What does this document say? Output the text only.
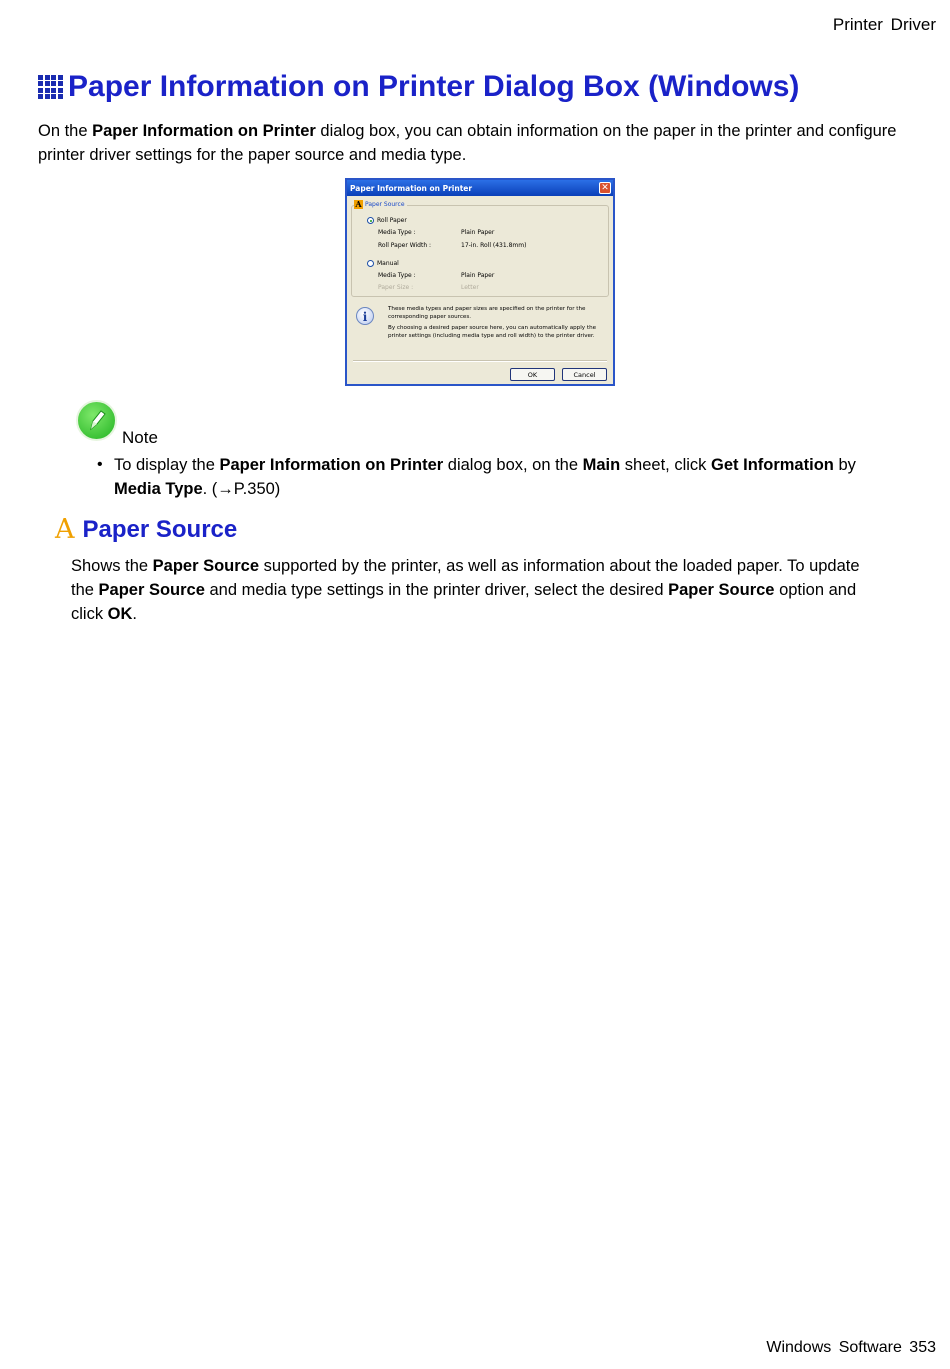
Printer Driver
Paper Information on Printer Dialog Box (Windows)

On the Paper Information on Printer dialog box, you can obtain information on the paper in the printer and configure printer driver settings for the paper source and media type.

Paper Information on Printer	✕
A Paper Source
Roll Paper
Media Type :	Plain Paper
Roll Paper Width :	17-in. Roll (431.8mm)
Manual
Media Type :	Plain Paper
Paper Size :	Letter
i
These media types and paper sizes are specified on the printer for the corresponding paper sources.
By choosing a desired paper source here, you can automatically apply the printer settings (including media type and roll width) to the printer driver.
OK	Cancel
Note
• To display the Paper Information on Printer dialog box, on the Main sheet, click Get Information by Media Type. (→P.350)

A Paper Source

Shows the Paper Source supported by the printer, as well as information about the loaded paper. To update the Paper Source and media type settings in the printer driver, select the desired Paper Source option and click OK.

Windows Software 353
